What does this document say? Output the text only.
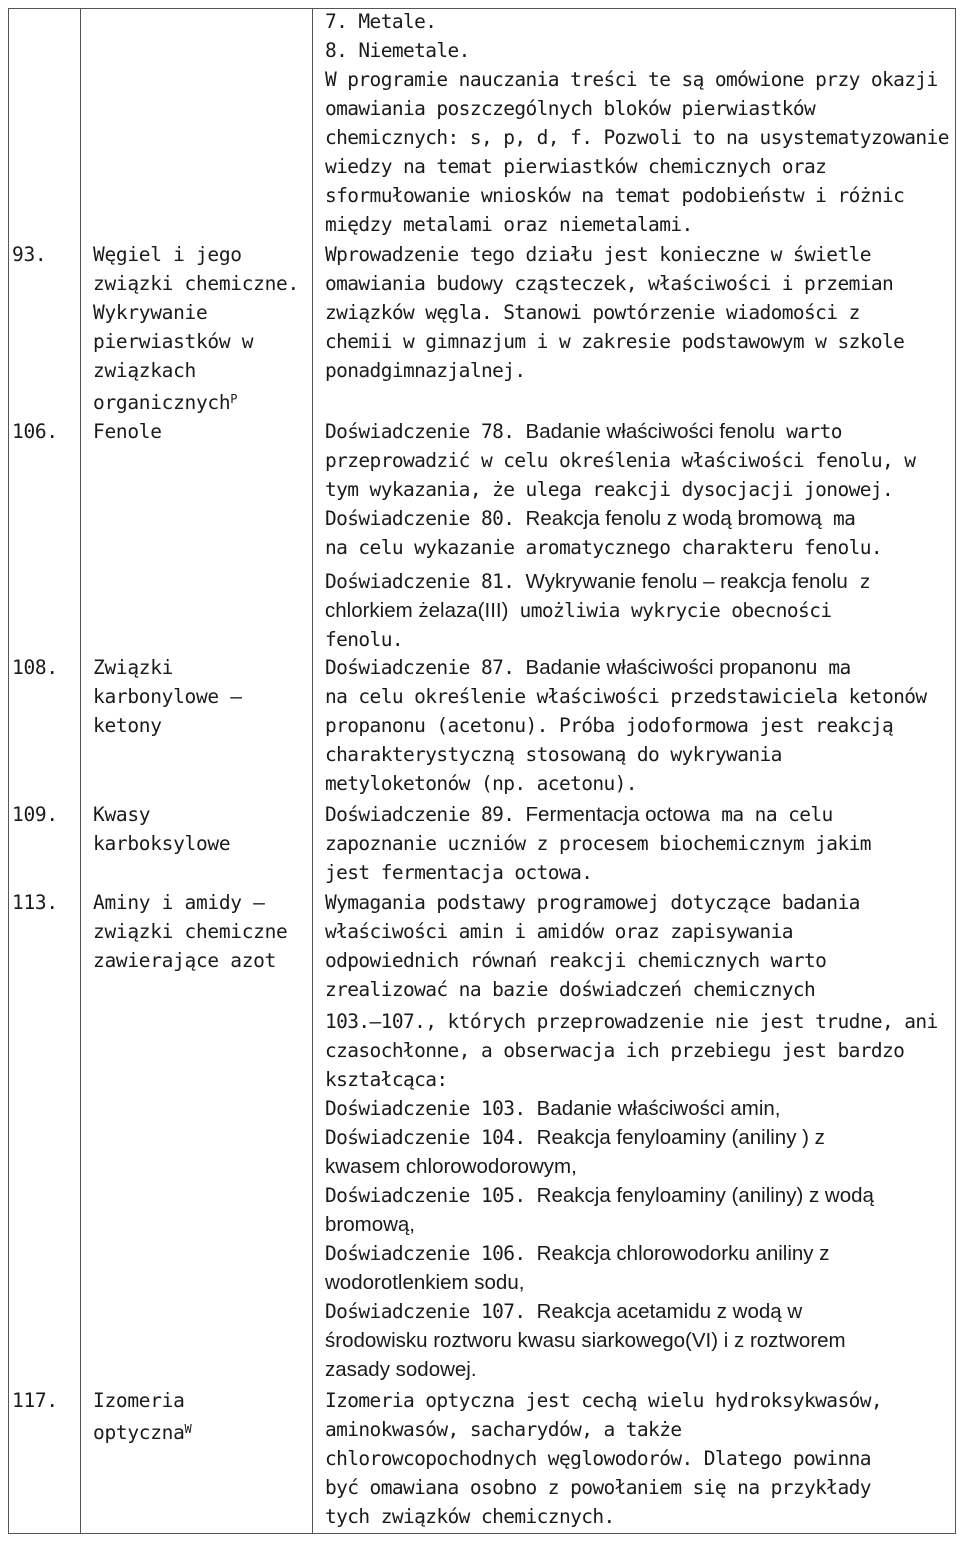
7. Metale.
8. Niemetale.
W programie nauczania treści te są omówione przy okazji
omawiania poszczególnych bloków pierwiastków
chemicznych: s, p, d, f. Pozwoli to na usystematyzowanie
wiedzy na temat pierwiastków chemicznych oraz
sformułowanie wniosków na temat podobieństw i różnic
między metalami oraz niemetalami.
93. Węgiel i jego
związki chemiczne.
Wykrywanie
pierwiastków w
związkach
organicznych$^P$
Wprowadzenie tego działu jest konieczne w świetle
omawiania budowy cząsteczek, właściwości i przemian
związków węgla. Stanowi powtórzenie wiadomości z
chemii w gimnazjum i w zakresie podstawowym w szkole
ponadgimnazjalnej.
106. Fenole	Doświadczenie 78. Badanie właściwości fenolu warto
przeprowadzić w celu określenia właściwości fenolu, w
tym wykazania, że ulega reakcji dysocjacji jonowej.
Doświadczenie 80. Reakcja fenolu z wodą bromową ma
na celu wykazanie aromatycznego charakteru fenolu.
Doświadczenie 81. Wykrywanie fenolu – reakcja fenolu z
chlorkiem żelaza(III) umożliwia wykrycie obecności
fenolu.
108. Związki
karbonylowe –
ketony
Doświadczenie 87. Badanie właściwości propanonu ma
na celu określenie właściwości przedstawiciela ketonów
propanonu (acetonu). Próba jodoformowa jest reakcją
charakterystyczną stosowaną do wykrywania
metyloketonów (np. acetonu).
109. Kwasy
karboksylowe
Doświadczenie 89. Fermentacja octowa ma na celu
zapoznanie uczniów z procesem biochemicznym jakim
jest fermentacja octowa.
113. Aminy i amidy –
związki chemiczne
zawierające azot
Wymagania podstawy programowej dotyczące badania
właściwości amin i amidów oraz zapisywania
odpowiednich równań reakcji chemicznych warto
zrealizować na bazie doświadczeń chemicznych
103.–107., których przeprowadzenie nie jest trudne, ani
czasochłonne, a obserwacja ich przebiegu jest bardzo
kształcąca:
Doświadczenie 103. Badanie właściwości amin,
Doświadczenie 104. Reakcja fenyloaminy (aniliny ) z
kwasem chlorowodorowym,
Doświadczenie 105. Reakcja fenyloaminy (aniliny) z wodą
bromową,
Doświadczenie 106. Reakcja chlorowodorku aniliny z
wodorotlenkiem sodu,
Doświadczenie 107. Reakcja acetamidu z wodą w
środowisku roztworu kwasu siarkowego(VI) i z roztworem
zasady sodowej.
117. Izomeria
optyczna$^W$
Izomeria optyczna jest cechą wielu hydroksykwasów,
aminokwasów, sacharydów, a także
chlorowcopochodnych węglowodorów. Dlatego powinna
być omawiana osobno z powołaniem się na przykłady
tych związków chemicznych.
